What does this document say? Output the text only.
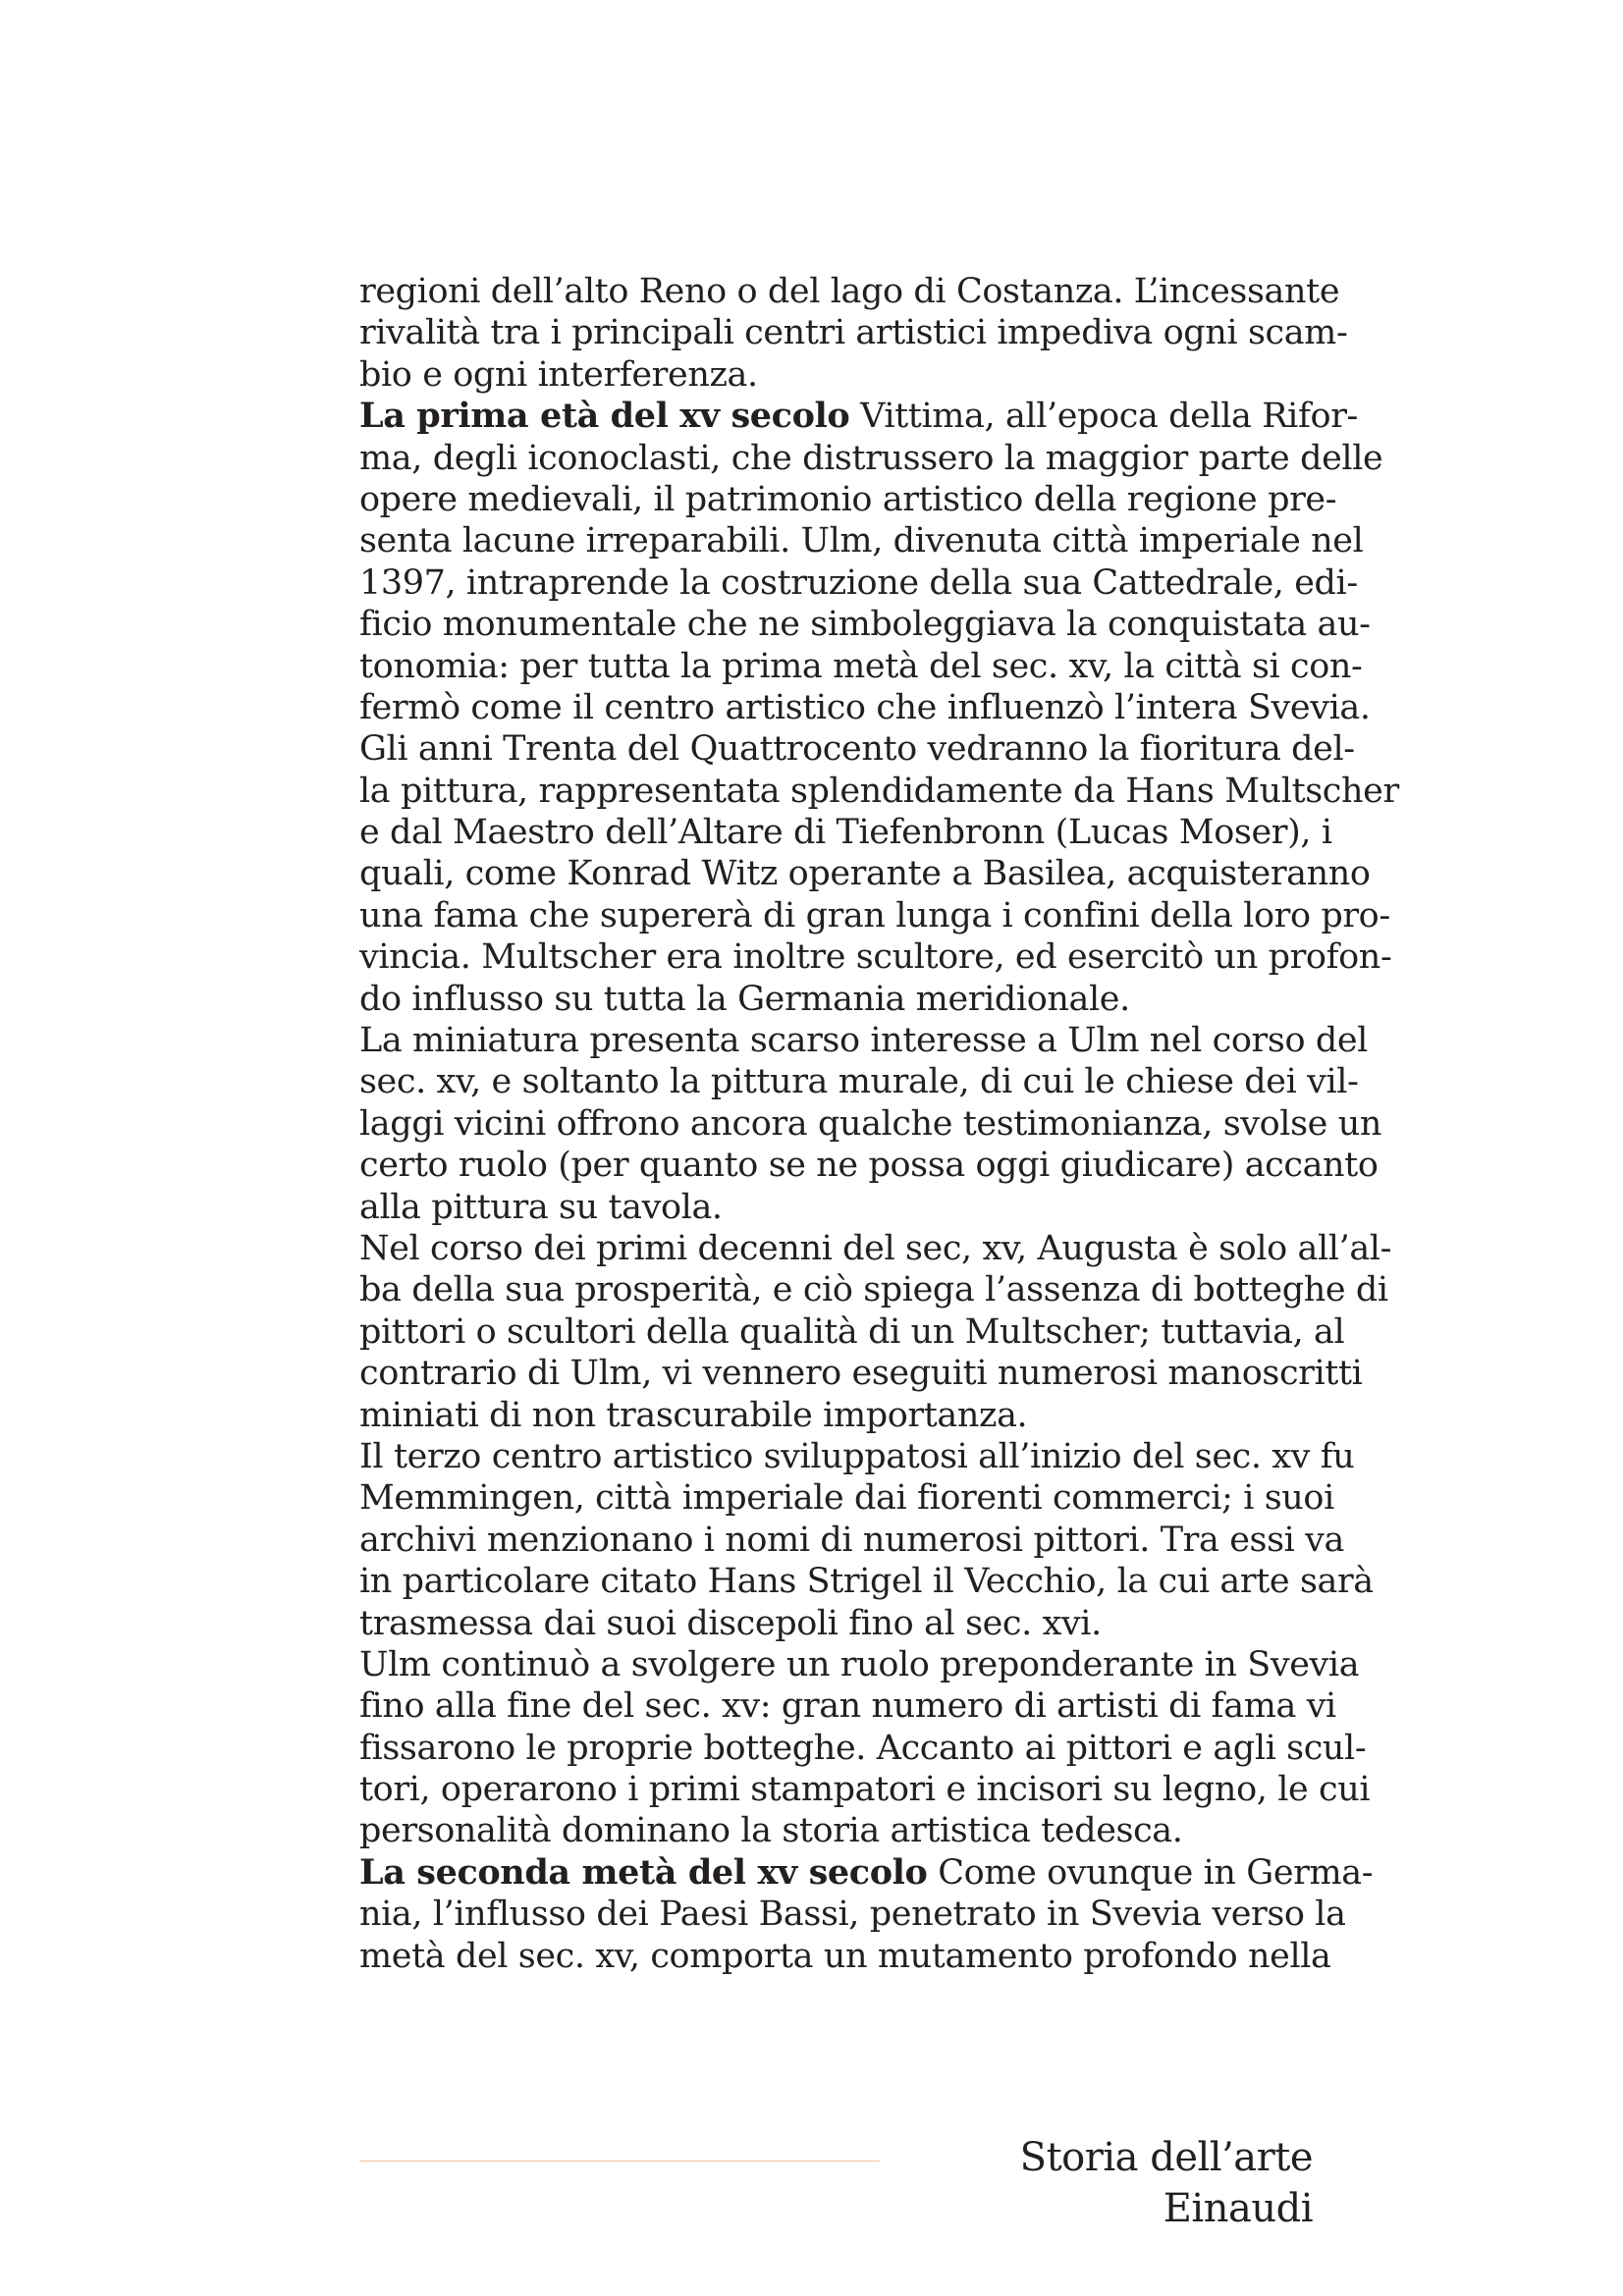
regioni dell’alto Reno o del lago di Costanza. L’incessante
rivalità tra i principali centri artistici impediva ogni scam-
bio e ogni interferenza.
La prima età del xv secolo Vittima, all’epoca della Rifor-
ma, degli iconoclasti, che distrussero la maggior parte delle
opere medievali, il patrimonio artistico della regione pre-
senta lacune irreparabili. Ulm, divenuta città imperiale nel
1397, intraprende la costruzione della sua Cattedrale, edi-
ficio monumentale che ne simboleggiava la conquistata au-
tonomia: per tutta la prima metà del sec. xv, la città si con-
fermò come il centro artistico che influenzò l’intera Svevia.
Gli anni Trenta del Quattrocento vedranno la fioritura del-
la pittura, rappresentata splendidamente da Hans Multscher
e dal Maestro dell’Altare di Tiefenbronn (Lucas Moser), i
quali, come Konrad Witz operante a Basilea, acquisteranno
una fama che supererà di gran lunga i confini della loro pro-
vincia. Multscher era inoltre scultore, ed esercitò un profon-
do influsso su tutta la Germania meridionale.
La miniatura presenta scarso interesse a Ulm nel corso del
sec. xv, e soltanto la pittura murale, di cui le chiese dei vil-
laggi vicini offrono ancora qualche testimonianza, svolse un
certo ruolo (per quanto se ne possa oggi giudicare) accanto
alla pittura su tavola.
Nel corso dei primi decenni del sec, xv, Augusta è solo all’al-
ba della sua prosperità, e ciò spiega l’assenza di botteghe di
pittori o scultori della qualità di un Multscher; tuttavia, al
contrario di Ulm, vi vennero eseguiti numerosi manoscritti
miniati di non trascurabile importanza.
Il terzo centro artistico sviluppatosi all’inizio del sec. xv fu
Memmingen, città imperiale dai fiorenti commerci; i suoi
archivi menzionano i nomi di numerosi pittori. Tra essi va
in particolare citato Hans Strigel il Vecchio, la cui arte sarà
trasmessa dai suoi discepoli fino al sec. xvi.
Ulm continuò a svolgere un ruolo preponderante in Svevia
fino alla fine del sec. xv: gran numero di artisti di fama vi
fissarono le proprie botteghe. Accanto ai pittori e agli scul-
tori, operarono i primi stampatori e incisori su legno, le cui
personalità dominano la storia artistica tedesca.
La seconda metà del xv secolo Come ovunque in Germa-
nia, l’influsso dei Paesi Bassi, penetrato in Svevia verso la
metà del sec. xv, comporta un mutamento profondo nella
Storia dell’arte Einaudi
